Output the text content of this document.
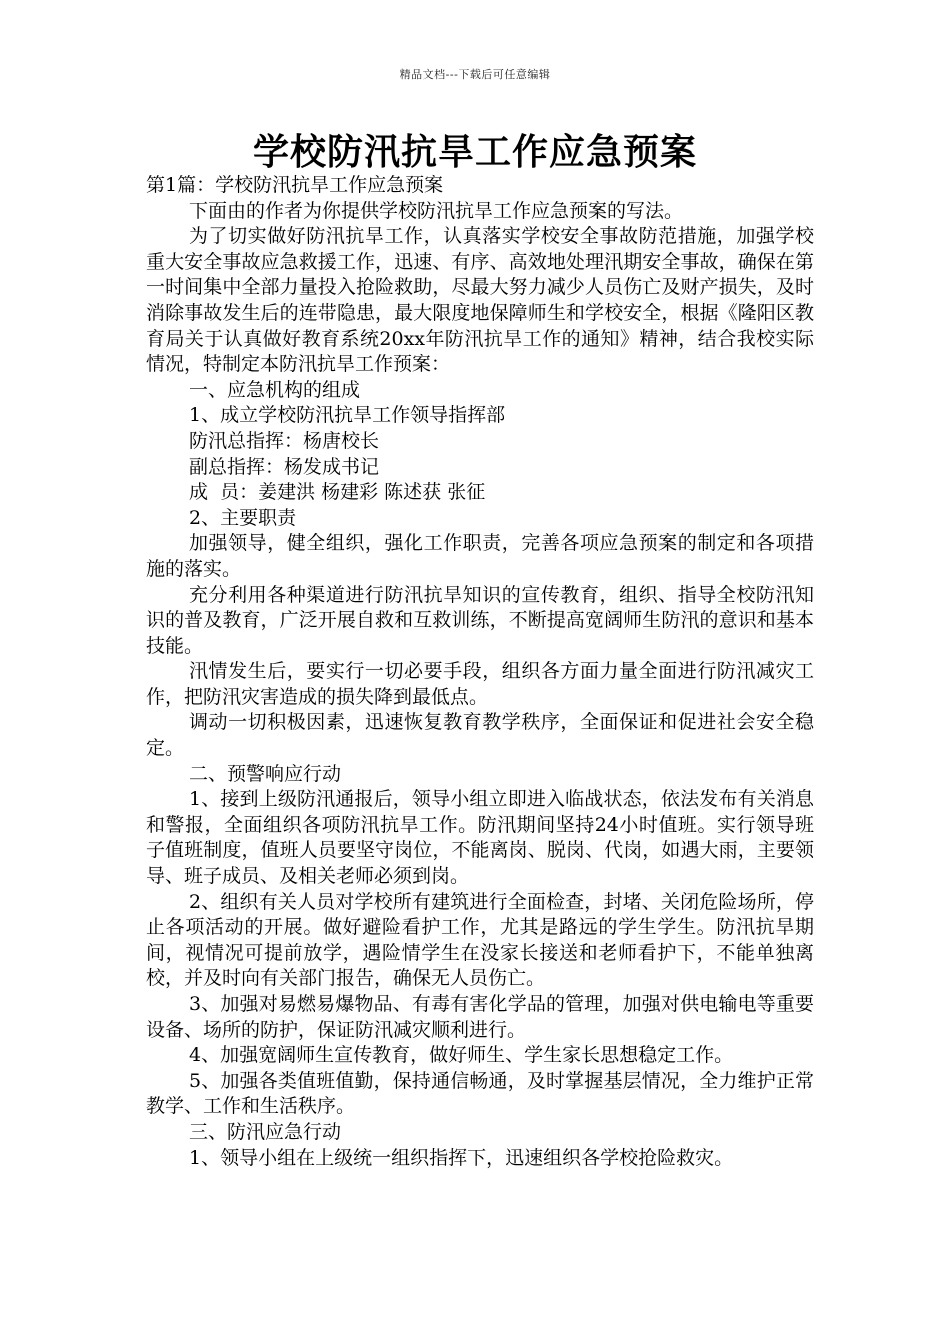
精品文档---下载后可任意编辑
学校防汛抗旱工作应急预案

第1篇：学校防汛抗旱工作应急预案

下面由的作者为你提供学校防汛抗旱工作应急预案的写法。

为了切实做好防汛抗旱工作，认真落实学校安全事故防范措施，加强学校重大安全事故应急救援工作，迅速、有序、高效地处理汛期安全事故，确保在第一时间集中全部力量投入抢险救助，尽最大努力减少人员伤亡及财产损失，及时消除事故发生后的连带隐患，最大限度地保障师生和学校安全，根据《隆阳区教育局关于认真做好教育系统20xx年防汛抗旱工作的通知》精神，结合我校实际情况，特制定本防汛抗旱工作预案：

一、应急机构的组成

1、成立学校防汛抗旱工作领导指挥部

防汛总指挥：杨唐校长

副总指挥：杨发成书记

成  员：姜建洪 杨建彩 陈述获 张征

2、主要职责

加强领导，健全组织，强化工作职责，完善各项应急预案的制定和各项措施的落实。

充分利用各种渠道进行防汛抗旱知识的宣传教育，组织、指导全校防汛知识的普及教育，广泛开展自救和互救训练，不断提高宽阔师生防汛的意识和基本技能。

汛情发生后，要实行一切必要手段，组织各方面力量全面进行防汛减灾工作，把防汛灾害造成的损失降到最低点。

调动一切积极因素，迅速恢复教育教学秩序，全面保证和促进社会安全稳定。

二、预警响应行动

1、接到上级防汛通报后，领导小组立即进入临战状态，依法发布有关消息和警报，全面组织各项防汛抗旱工作。防汛期间坚持24小时值班。实行领导班子值班制度，值班人员要坚守岗位，不能离岗、脱岗、代岗，如遇大雨，主要领导、班子成员、及相关老师必须到岗。

2、组织有关人员对学校所有建筑进行全面检查，封堵、关闭危险场所，停止各项活动的开展。做好避险看护工作，尤其是路远的学生学生。防汛抗旱期间，视情况可提前放学，遇险情学生在没家长接送和老师看护下，不能单独离校，并及时向有关部门报告，确保无人员伤亡。

3、加强对易燃易爆物品、有毒有害化学品的管理，加强对供电输电等重要设备、场所的防护，保证防汛减灾顺利进行。

4、加强宽阔师生宣传教育，做好师生、学生家长思想稳定工作。

5、加强各类值班值勤，保持通信畅通，及时掌握基层情况，全力维护正常教学、工作和生活秩序。

三、防汛应急行动

1、领导小组在上级统一组织指挥下，迅速组织各学校抢险救灾。
